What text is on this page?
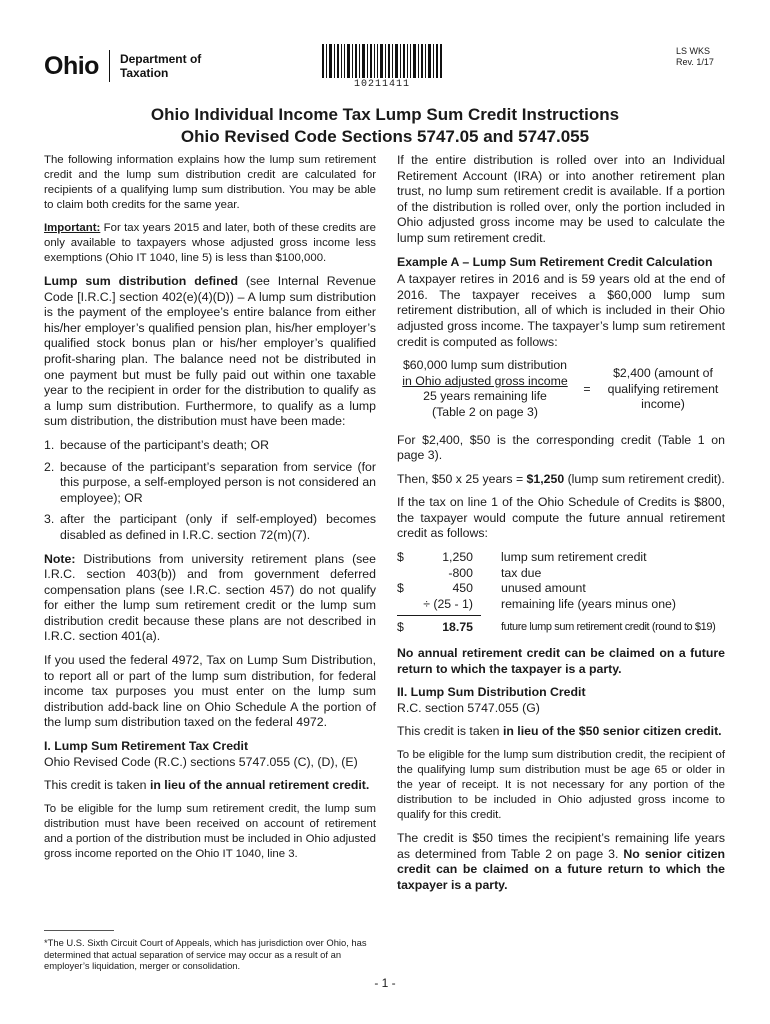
Ohio Department of
Taxation
10211411
LS WKS
Rev. 1/17
Ohio Individual Income Tax Lump Sum Credit Instructions
Ohio Revised Code Sections 5747.05 and 5747.055

The following information explains how the lump sum retirement credit and the lump sum distribution credit are calculated for recipients of a qualifying lump sum distribution. You may be able to claim both credits for the same year.

Important: For tax years 2015 and later, both of these credits are only available to taxpayers whose adjusted gross income less exemptions (Ohio IT 1040, line 5) is less than $100,000.

Lump sum distribution defined (see Internal Revenue Code [I.R.C.] section 402(e)(4)(D)) – A lump sum distribution is the payment of the employee’s entire balance from either his/her employer’s qualified pension plan, his/her employer’s qualified stock bonus plan or his/her employer’s qualified profit-sharing plan. The balance need not be distributed in one payment but must be fully paid out within one taxable year to the recipient in order for the distribution to qualify as a lump sum distribution. Furthermore, to qualify as a lump sum distribution, the distribution must have been made:

1. because of the participant’s death; OR
2. because of the participant’s separation from service (for this purpose, a self-employed person is not considered an employee); OR
3. after the participant (only if self-employed) becomes disabled as defined in I.R.C. section 72(m)(7).

Note: Distributions from university retirement plans (see I.R.C. section 403(b)) and from government deferred compensation plans (see I.R.C. section 457) do not qualify for either the lump sum retirement credit or the lump sum distribution credit because these plans are not described in I.R.C. section 401(a).

If you used the federal 4972, Tax on Lump Sum Distribution, to report all or part of the lump sum distribution, for federal income tax purposes you must enter on the lump sum distribution add-back line on Ohio Schedule A the portion of the lump sum distribution taxed on the federal 4972.

I. Lump Sum Retirement Tax Credit
Ohio Revised Code (R.C.) sections 5747.055 (C), (D), (E)

This credit is taken in lieu of the annual retirement credit.

To be eligible for the lump sum retirement credit, the lump sum distribution must have been received on account of retirement and a portion of the distribution must be included in Ohio adjusted gross income reported on the Ohio IT 1040, line 3.

If the entire distribution is rolled over into an Individual Retirement Account (IRA) or into another retirement plan trust, no lump sum retirement credit is available. If a portion of the distribution is rolled over, only the portion included in Ohio adjusted gross income may be used to calculate the lump sum retirement credit.

Example A – Lump Sum Retirement Credit Calculation

A taxpayer retires in 2016 and is 59 years old at the end of 2016. The taxpayer receives a $60,000 lump sum retirement distribution, all of which is included in their Ohio adjusted gross income. The taxpayer’s lump sum retirement credit is computed as follows:

$60,000 lump sum distribution
in Ohio adjusted gross income
25 years remaining life
(Table 2 on page 3)
=
$2,400 (amount of qualifying retirement income)

For $2,400, $50 is the corresponding credit (Table 1 on page 3).

Then, $50 x 25 years = $1,250 (lump sum retirement credit).

If the tax on line 1 of the Ohio Schedule of Credits is $800, the taxpayer would compute the future annual retirement credit as follows:

$	1,250 lump sum retirement credit
-800 tax due
$	450 unused amount
÷ (25 - 1) remaining life (years minus one)
$	18.75	future lump sum retirement credit (round to $19)

No annual retirement credit can be claimed on a future return to which the taxpayer is a party.

II. Lump Sum Distribution Credit
R.C. section 5747.055 (G)

This credit is taken in lieu of the $50 senior citizen credit.

To be eligible for the lump sum distribution credit, the recipient of the qualifying lump sum distribution must be age 65 or older in the year of receipt. It is not necessary for any portion of the distribution to be included in Ohio adjusted gross income to qualify for this credit.

The credit is $50 times the recipient’s remaining life years as determined from Table 2 on page 3. No senior citizen credit can be claimed on a future return to which the taxpayer is a party.

*The U.S. Sixth Circuit Court of Appeals, which has jurisdiction over Ohio, has determined that actual separation of service may occur as a result of an employer’s liquidation, merger or consolidation.
- 1 -
